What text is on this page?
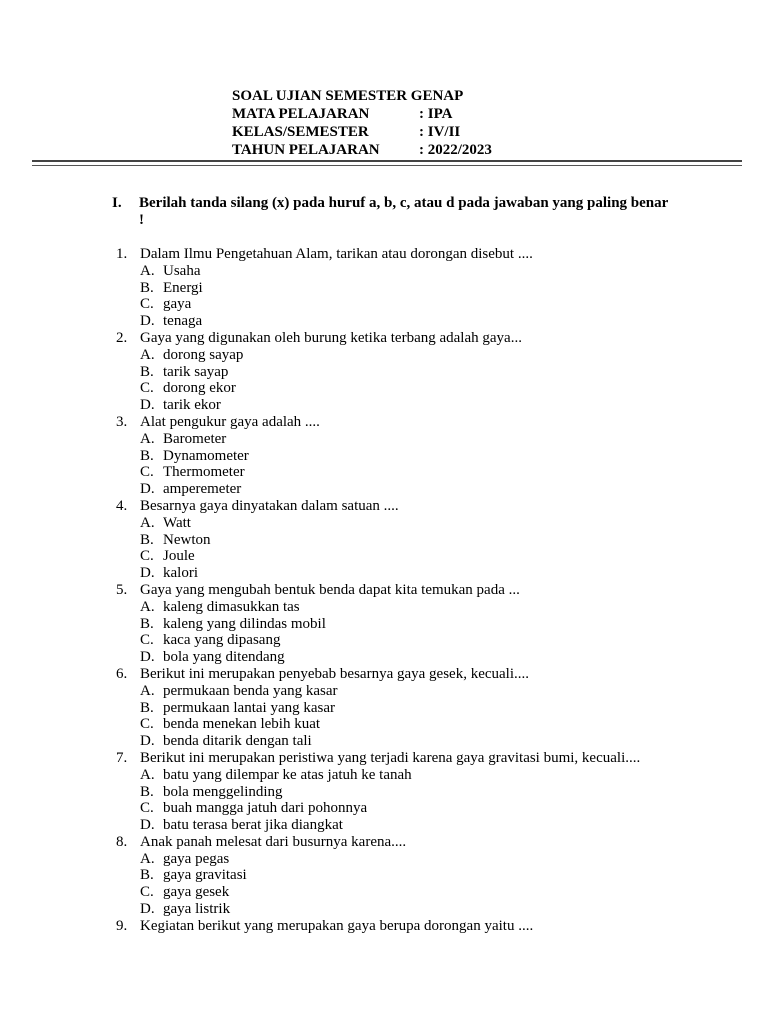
SOAL UJIAN SEMESTER GENAP
MATA PELAJARAN	: IPA
KELAS/SEMESTER	: IV/II
TAHUN PELAJARAN	: 2022/2023
I.	Berilah tanda silang (x) pada huruf a, b, c, atau d pada jawaban yang paling benar !
1. Dalam Ilmu Pengetahuan Alam, tarikan atau dorongan disebut ....
A. Usaha
B. Energi
C. gaya
D. tenaga
2. Gaya yang digunakan oleh burung ketika terbang adalah gaya...
A. dorong sayap
B. tarik sayap
C. dorong ekor
D. tarik ekor
3. Alat pengukur gaya adalah ....
A. Barometer
B. Dynamometer
C. Thermometer
D. amperemeter
4. Besarnya gaya dinyatakan dalam satuan ....
A. Watt
B. Newton
C. Joule
D. kalori
5. Gaya yang mengubah bentuk benda dapat kita temukan pada ...
A. kaleng dimasukkan tas
B. kaleng yang dilindas mobil
C. kaca yang dipasang
D. bola yang ditendang
6. Berikut ini merupakan penyebab besarnya gaya gesek, kecuali....
A. permukaan benda yang kasar
B. permukaan lantai yang kasar
C. benda menekan lebih kuat
D. benda ditarik dengan tali
7. Berikut ini merupakan peristiwa yang terjadi karena gaya gravitasi bumi, kecuali....
A. batu yang dilempar ke atas jatuh ke tanah
B. bola menggelinding
C. buah mangga jatuh dari pohonnya
D. batu terasa berat jika diangkat
8. Anak panah melesat dari busurnya karena....
A. gaya pegas
B. gaya gravitasi
C. gaya gesek
D. gaya listrik
9. Kegiatan berikut yang merupakan gaya berupa dorongan yaitu ....
